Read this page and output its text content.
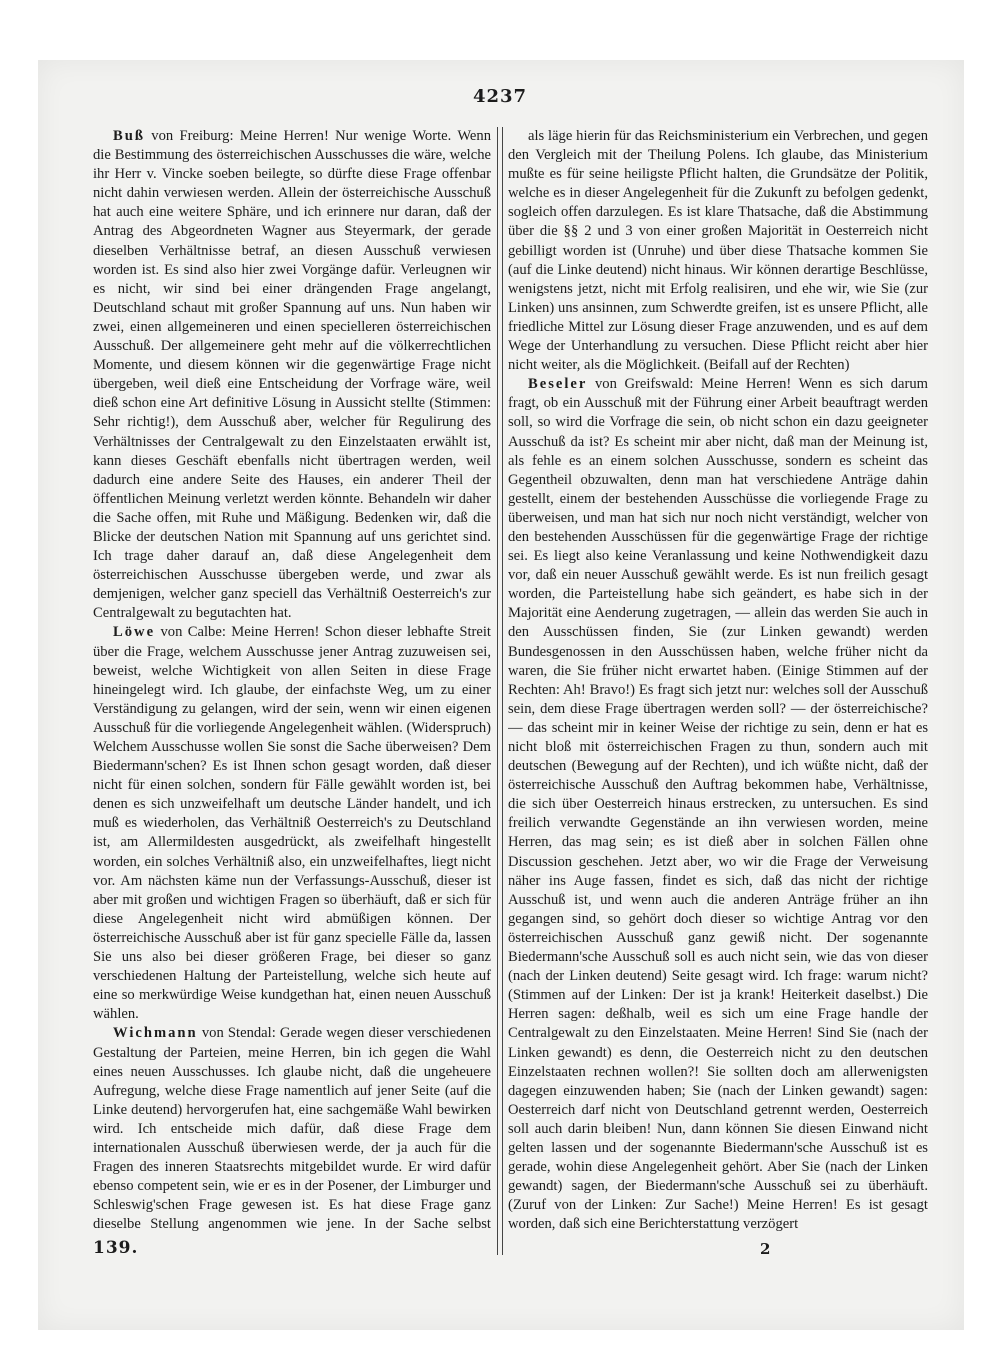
4237

Buß von Freiburg: Meine Herren! Nur wenige Worte. Wenn die Bestimmung des österreichischen Ausschusses die wäre, welche ihr Herr v. Vincke soeben beilegte, so dürfte diese Frage offenbar nicht dahin verwiesen werden. Allein der österreichische Ausschuß hat auch eine weitere Sphäre, und ich erinnere nur daran, daß der Antrag des Abgeordneten Wagner aus Steyermark, der gerade dieselben Verhältnisse betraf, an diesen Ausschuß verwiesen worden ist. Es sind also hier zwei Vorgänge dafür. Verleugnen wir es nicht, wir sind bei einer drängenden Frage angelangt, Deutschland schaut mit großer Spannung auf uns. Nun haben wir zwei, einen allgemeineren und einen specielleren österreichischen Ausschuß. Der allgemeinere geht mehr auf die völkerrechtlichen Momente, und diesem können wir die gegenwärtige Frage nicht übergeben, weil dieß eine Entscheidung der Vorfrage wäre, weil dieß schon eine Art definitive Lösung in Aussicht stellte (Stimmen: Sehr richtig!), dem Ausschuß aber, welcher für Regulirung des Verhältnisses der Centralgewalt zu den Einzelstaaten erwählt ist, kann dieses Geschäft ebenfalls nicht übertragen werden, weil dadurch eine andere Seite des Hauses, ein anderer Theil der öffentlichen Meinung verletzt werden könnte. Behandeln wir daher die Sache offen, mit Ruhe und Mäßigung. Bedenken wir, daß die Blicke der deutschen Nation mit Spannung auf uns gerichtet sind. Ich trage daher darauf an, daß diese Angelegenheit dem österreichischen Ausschusse übergeben werde, und zwar als demjenigen, welcher ganz speciell das Verhältniß Oesterreich's zur Centralgewalt zu begutachten hat.

Löwe von Calbe: Meine Herren! Schon dieser lebhafte Streit über die Frage, welchem Ausschusse jener Antrag zuzuweisen sei, beweist, welche Wichtigkeit von allen Seiten in diese Frage hineingelegt wird. Ich glaube, der einfachste Weg, um zu einer Verständigung zu gelangen, wird der sein, wenn wir einen eigenen Ausschuß für die vorliegende Angelegenheit wählen. (Widerspruch) Welchem Ausschusse wollen Sie sonst die Sache überweisen? Dem Biedermann'schen? Es ist Ihnen schon gesagt worden, daß dieser nicht für einen solchen, sondern für Fälle gewählt worden ist, bei denen es sich unzweifelhaft um deutsche Länder handelt, und ich muß es wiederholen, das Verhältniß Oesterreich's zu Deutschland ist, am Allermildesten ausgedrückt, als zweifelhaft hingestellt worden, ein solches Verhältniß also, ein unzweifelhaftes, liegt nicht vor. Am nächsten käme nun der Verfassungs-Ausschuß, dieser ist aber mit großen und wichtigen Fragen so überhäuft, daß er sich für diese Angelegenheit nicht wird abmüßigen können. Der österreichische Ausschuß aber ist für ganz specielle Fälle da, lassen Sie uns also bei dieser größeren Frage, bei dieser so ganz verschiedenen Haltung der Parteistellung, welche sich heute auf eine so merkwürdige Weise kundgethan hat, einen neuen Ausschuß wählen.

Wichmann von Stendal: Gerade wegen dieser verschiedenen Gestaltung der Parteien, meine Herren, bin ich gegen die Wahl eines neuen Ausschusses. Ich glaube nicht, daß die ungeheuere Aufregung, welche diese Frage namentlich auf jener Seite (auf die Linke deutend) hervorgerufen hat, eine sachgemäße Wahl bewirken wird. Ich entscheide mich dafür, daß diese Frage dem internationalen Ausschuß überwiesen werde, der ja auch für die Fragen des inneren Staatsrechts mitgebildet wurde. Er wird dafür ebenso competent sein, wie er es in der Posener, der Limburger und Schleswig'schen Frage gewesen ist. Es hat diese Frage ganz dieselbe Stellung angenommen wie jene. In der Sache selbst

als läge hierin für das Reichsministerium ein Verbrechen, und gegen den Vergleich mit der Theilung Polens. Ich glaube, das Ministerium mußte es für seine heiligste Pflicht halten, die Grundsätze der Politik, welche es in dieser Angelegenheit für die Zukunft zu befolgen gedenkt, sogleich offen darzulegen. Es ist klare Thatsache, daß die Abstimmung über die §§ 2 und 3 von einer großen Majorität in Oesterreich nicht gebilligt worden ist (Unruhe) und über diese Thatsache kommen Sie (auf die Linke deutend) nicht hinaus. Wir können derartige Beschlüsse, wenigstens jetzt, nicht mit Erfolg realisiren, und ehe wir, wie Sie (zur Linken) uns ansinnen, zum Schwerdte greifen, ist es unsere Pflicht, alle friedliche Mittel zur Lösung dieser Frage anzuwenden, und es auf dem Wege der Unterhandlung zu versuchen. Diese Pflicht reicht aber hier nicht weiter, als die Möglichkeit. (Beifall auf der Rechten)

Beseler von Greifswald: Meine Herren! Wenn es sich darum fragt, ob ein Ausschuß mit der Führung einer Arbeit beauftragt werden soll, so wird die Vorfrage die sein, ob nicht schon ein dazu geeigneter Ausschuß da ist? Es scheint mir aber nicht, daß man der Meinung ist, als fehle es an einem solchen Ausschusse, sondern es scheint das Gegentheil obzuwalten, denn man hat verschiedene Anträge dahin gestellt, einem der bestehenden Ausschüsse die vorliegende Frage zu überweisen, und man hat sich nur noch nicht verständigt, welcher von den bestehenden Ausschüssen für die gegenwärtige Frage der richtige sei. Es liegt also keine Veranlassung und keine Nothwendigkeit dazu vor, daß ein neuer Ausschuß gewählt werde. Es ist nun freilich gesagt worden, die Parteistellung habe sich geändert, es habe sich in der Majorität eine Aenderung zugetragen, — allein das werden Sie auch in den Ausschüssen finden, Sie (zur Linken gewandt) werden Bundesgenossen in den Ausschüssen haben, welche früher nicht da waren, die Sie früher nicht erwartet haben. (Einige Stimmen auf der Rechten: Ah! Bravo!) Es fragt sich jetzt nur: welches soll der Ausschuß sein, dem diese Frage übertragen werden soll? — der österreichische? — das scheint mir in keiner Weise der richtige zu sein, denn er hat es nicht bloß mit österreichischen Fragen zu thun, sondern auch mit deutschen (Bewegung auf der Rechten), und ich wüßte nicht, daß der österreichische Ausschuß den Auftrag bekommen habe, Verhältnisse, die sich über Oesterreich hinaus erstrecken, zu untersuchen. Es sind freilich verwandte Gegenstände an ihn verwiesen worden, meine Herren, das mag sein; es ist dieß aber in solchen Fällen ohne Discussion geschehen. Jetzt aber, wo wir die Frage der Verweisung näher ins Auge fassen, findet es sich, daß das nicht der richtige Ausschuß ist, und wenn auch die anderen Anträge früher an ihn gegangen sind, so gehört doch dieser so wichtige Antrag vor den österreichischen Ausschuß ganz gewiß nicht. Der sogenannte Biedermann'sche Ausschuß soll es auch nicht sein, wie das von dieser (nach der Linken deutend) Seite gesagt wird. Ich frage: warum nicht? (Stimmen auf der Linken: Der ist ja krank! Heiterkeit daselbst.) Die Herren sagen: deßhalb, weil es sich um eine Frage handle der Centralgewalt zu den Einzelstaaten. Meine Herren! Sind Sie (nach der Linken gewandt) es denn, die Oesterreich nicht zu den deutschen Einzelstaaten rechnen wollen?! Sie sollten doch am allerwenigsten dagegen einzuwenden haben; Sie (nach der Linken gewandt) sagen: Oesterreich darf nicht von Deutschland getrennt werden, Oesterreich soll auch darin bleiben! Nun, dann können Sie diesen Einwand nicht gelten lassen und der sogenannte Biedermann'sche Ausschuß ist es gerade, wohin diese Angelegenheit gehört. Aber Sie (nach der Linken gewandt) sagen, der Biedermann'sche Ausschuß sei zu überhäuft. (Zuruf von der Linken: Zur Sache!) Meine Herren! Es ist gesagt worden, daß sich eine Berichterstattung verzögert

139.	2
